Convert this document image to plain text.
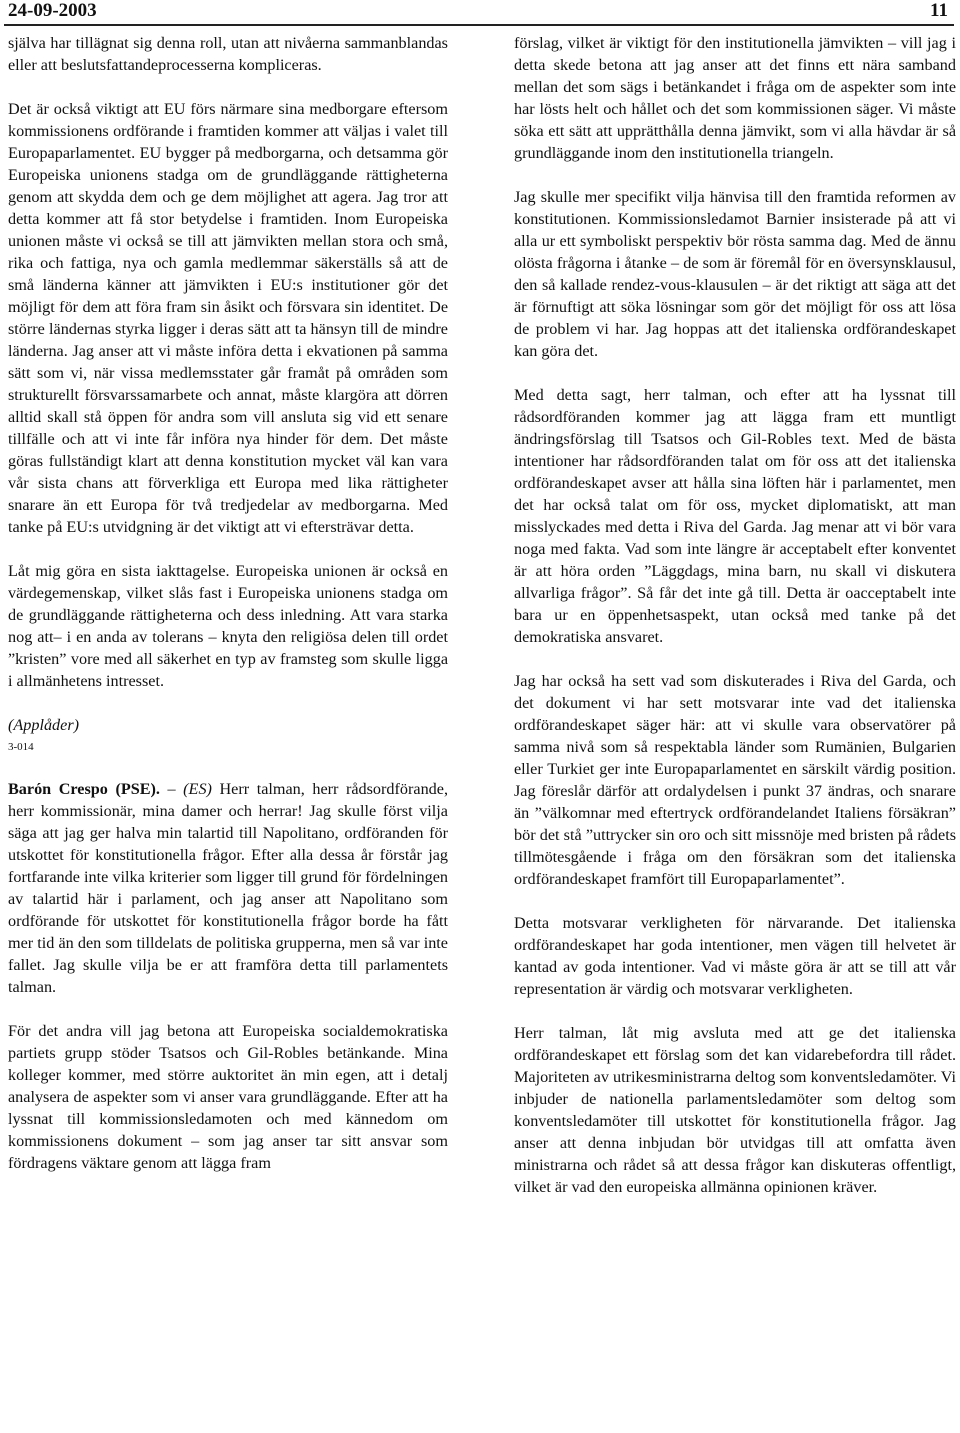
24-09-2003	11

själva har tillägnat sig denna roll, utan att nivåerna sammanblandas eller att beslutsfattandeprocesserna kompliceras.

Det är också viktigt att EU förs närmare sina medborgare eftersom kommissionens ordförande i framtiden kommer att väljas i valet till Europaparlamentet. EU bygger på medborgarna, och detsamma gör Europeiska unionens stadga om de grundläggande rättigheterna genom att skydda dem och ge dem möjlighet att agera. Jag tror att detta kommer att få stor betydelse i framtiden. Inom Europeiska unionen måste vi också se till att jämvikten mellan stora och små, rika och fattiga, nya och gamla medlemmar säkerställs så att de små länderna känner att jämvikten i EU:s institutioner gör det möjligt för dem att föra fram sin åsikt och försvara sin identitet. De större ländernas styrka ligger i deras sätt att ta hänsyn till de mindre länderna. Jag anser att vi måste införa detta i ekvationen på samma sätt som vi, när vissa medlemsstater går framåt på områden som strukturellt försvarssamarbete och annat, måste klargöra att dörren alltid skall stå öppen för andra som vill ansluta sig vid ett senare tillfälle och att vi inte får införa nya hinder för dem. Det måste göras fullständigt klart att denna konstitution mycket väl kan vara vår sista chans att förverkliga ett Europa med lika rättigheter snarare än ett Europa för två tredjedelar av medborgarna. Med tanke på EU:s utvidgning är det viktigt att vi eftersträvar detta.

Låt mig göra en sista iakttagelse. Europeiska unionen är också en värdegemenskap, vilket slås fast i Europeiska unionens stadga om de grundläggande rättigheterna och dess inledning. Att vara starka nog att– i en anda av tolerans – knyta den religiösa delen till ordet ”kristen” vore med all säkerhet en typ av framsteg som skulle ligga i allmänhetens intresset.

(Applåder)

3-014

Barón Crespo (PSE). – (ES) Herr talman, herr rådsordförande, herr kommissionär, mina damer och herrar! Jag skulle först vilja säga att jag ger halva min talartid till Napolitano, ordföranden för utskottet för konstitutionella frågor. Efter alla dessa år förstår jag fortfarande inte vilka kriterier som ligger till grund för fördelningen av talartid här i parlament, och jag anser att Napolitano som ordförande för utskottet för konstitutionella frågor borde ha fått mer tid än den som tilldelats de politiska grupperna, men så var inte fallet. Jag skulle vilja be er att framföra detta till parlamentets talman.

För det andra vill jag betona att Europeiska socialdemokratiska partiets grupp stöder Tsatsos och Gil-Robles betänkande. Mina kolleger kommer, med större auktoritet än min egen, att i detalj analysera de aspekter som vi anser vara grundläggande. Efter att ha lyssnat till kommissionsledamoten och med kännedom om kommissionens dokument – som jag anser tar sitt ansvar som fördragens väktare genom att lägga fram

förslag, vilket är viktigt för den institutionella jämvikten – vill jag i detta skede betona att jag anser att det finns ett nära samband mellan det som sägs i betänkandet i fråga om de aspekter som inte har lösts helt och hållet och det som kommissionen säger. Vi måste söka ett sätt att upprätthålla denna jämvikt, som vi alla hävdar är så grundläggande inom den institutionella triangeln.

Jag skulle mer specifikt vilja hänvisa till den framtida reformen av konstitutionen. Kommissionsledamot Barnier insisterade på att vi alla ur ett symboliskt perspektiv bör rösta samma dag. Med de ännu olösta frågorna i åtanke – de som är föremål för en översynsklausul, den så kallade rendez-vous-klausulen – är det riktigt att säga att det är förnuftigt att söka lösningar som gör det möjligt för oss att lösa de problem vi har. Jag hoppas att det italienska ordförandeskapet kan göra det.

Med detta sagt, herr talman, och efter att ha lyssnat till rådsordföranden kommer jag att lägga fram ett muntligt ändringsförslag till Tsatsos och Gil-Robles text. Med de bästa intentioner har rådsordföranden talat om för oss att det italienska ordförandeskapet avser att hålla sina löften här i parlamentet, men det har också talat om för oss, mycket diplomatiskt, att man misslyckades med detta i Riva del Garda. Jag menar att vi bör vara noga med fakta. Vad som inte längre är acceptabelt efter konventet är att höra orden ”Läggdags, mina barn, nu skall vi diskutera allvarliga frågor”. Så får det inte gå till. Detta är oacceptabelt inte bara ur en öppenhetsaspekt, utan också med tanke på det demokratiska ansvaret.

Jag har också ha sett vad som diskuterades i Riva del Garda, och det dokument vi har sett motsvarar inte vad det italienska ordförandeskapet säger här: att vi skulle vara observatörer på samma nivå som så respektabla länder som Rumänien, Bulgarien eller Turkiet ger inte Europaparlamentet en särskilt värdig position. Jag föreslår därför att ordalydelsen i punkt 37 ändras, och snarare än ”välkomnar med eftertryck ordförandelandet Italiens försäkran” bör det stå ”uttrycker sin oro och sitt missnöje med bristen på rådets tillmötesgående i fråga om den försäkran som det italienska ordförandeskapet framfört till Europaparlamentet”.

Detta motsvarar verkligheten för närvarande. Det italienska ordförandeskapet har goda intentioner, men vägen till helvetet är kantad av goda intentioner. Vad vi måste göra är att se till att vår representation är värdig och motsvarar verkligheten.

Herr talman, låt mig avsluta med att ge det italienska ordförandeskapet ett förslag som det kan vidarebefordra till rådet. Majoriteten av utrikesministrarna deltog som konventsledamöter. Vi inbjuder de nationella parlamentsledamöter som deltog som konventsledamöter till utskottet för konstitutionella frågor. Jag anser att denna inbjudan bör utvidgas till att omfatta även ministrarna och rådet så att dessa frågor kan diskuteras offentligt, vilket är vad den europeiska allmänna opinionen kräver.
